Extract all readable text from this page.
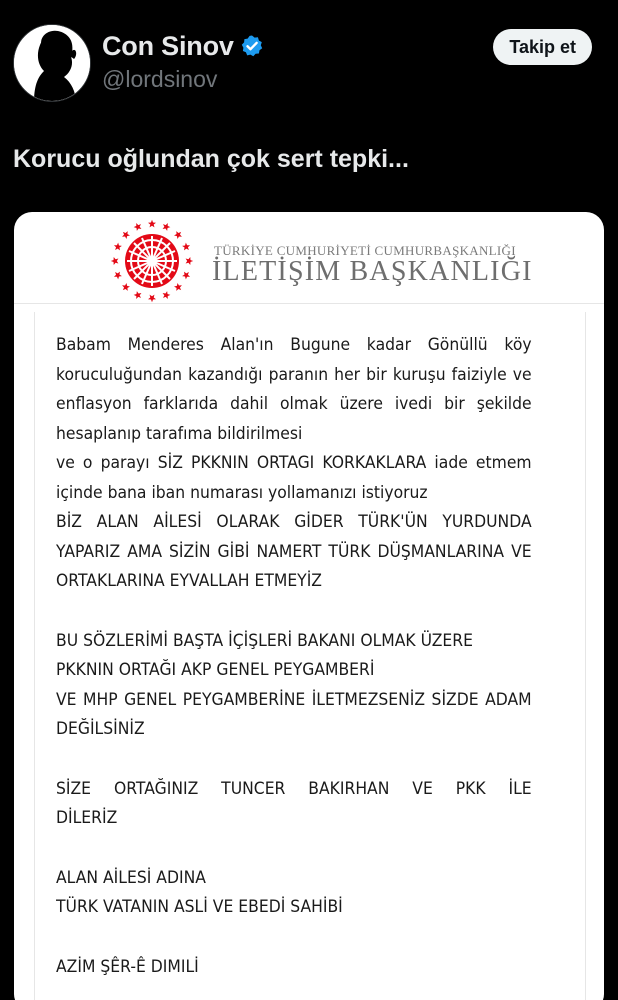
Con Sinov
@lordsinov
Takip et
Korucu oğlundan çok sert tepki...
TÜRKİYE CUMHURİYETİ CUMHURBAŞKANLIĞI
İLETİŞİM BAŞKANLIĞI
Babam Menderes Alan'ın Bugune kadar Gönüllü köy
koruculuğundan kazandığı paranın her bir kuruşu faiziyle ve
enflasyon farklarıda dahil olmak üzere ivedi bir şekilde
hesaplanıp tarafıma bildirilmesi
ve o parayı SİZ PKKNIN ORTAGI KORKAKLARA iade etmem
içinde bana iban numarası yollamanızı istiyoruz
BİZ ALAN AİLESİ OLARAK GİDER TÜRK'ÜN YURDUNDA
YAPARIZ AMA SİZİN GİBİ NAMERT TÜRK DÜŞMANLARINA VE
ORTAKLARINA EYVALLAH ETMEYİZ
BU SÖZLERİMİ BAŞTA İÇİŞLERİ BAKANI OLMAK ÜZERE
PKKNIN ORTAĞI AKP GENEL PEYGAMBERİ
VE MHP GENEL PEYGAMBERİNE İLETMEZSENİZ SİZDE ADAM
DEĞİLSİNİZ
SİZE ORTAĞINIZ TUNCER BAKIRHAN VE PKK İLE
DİLERİZ
ALAN AİLESİ ADINA
TÜRK VATANIN ASLİ VE EBEDİ SAHİBİ
AZİM ŞÊR-Ê DIMILİ
